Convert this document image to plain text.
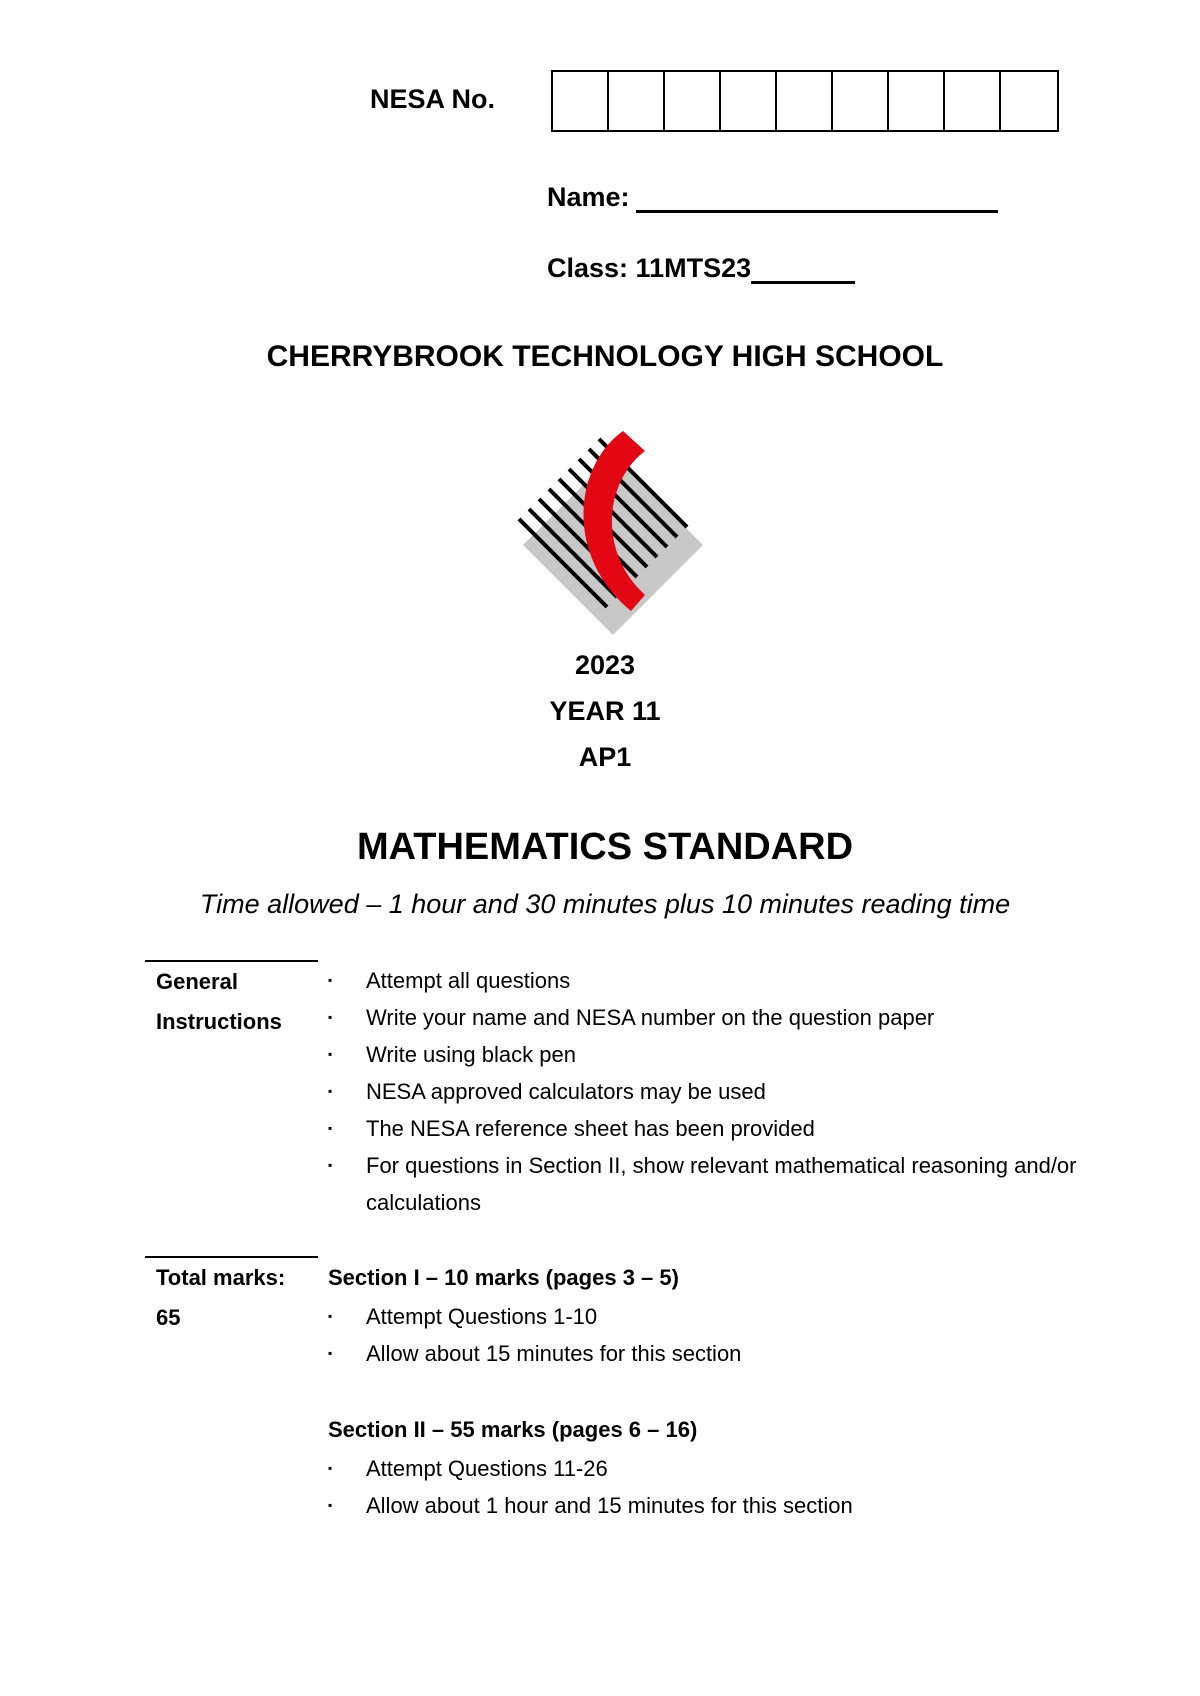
NESA No.
Name:
Class: 11MTS23
CHERRYBROOK TECHNOLOGY HIGH SCHOOL
2023
YEAR 11
AP1
MATHEMATICS STANDARD
Time allowed – 1 hour and 30 minutes plus 10 minutes reading time
General
Instructions
▪ Attempt all questions
▪ Write your name and NESA number on the question paper
▪ Write using black pen
▪ NESA approved calculators may be used
▪ The NESA reference sheet has been provided
▪ For questions in Section II, show relevant mathematical reasoning and/or calculations
Total marks:
65
Section I – 10 marks (pages 3 – 5)
▪ Attempt Questions 1-10
▪ Allow about 15 minutes for this section
Section II – 55 marks (pages 6 – 16)
▪ Attempt Questions 11-26
▪ Allow about 1 hour and 15 minutes for this section
